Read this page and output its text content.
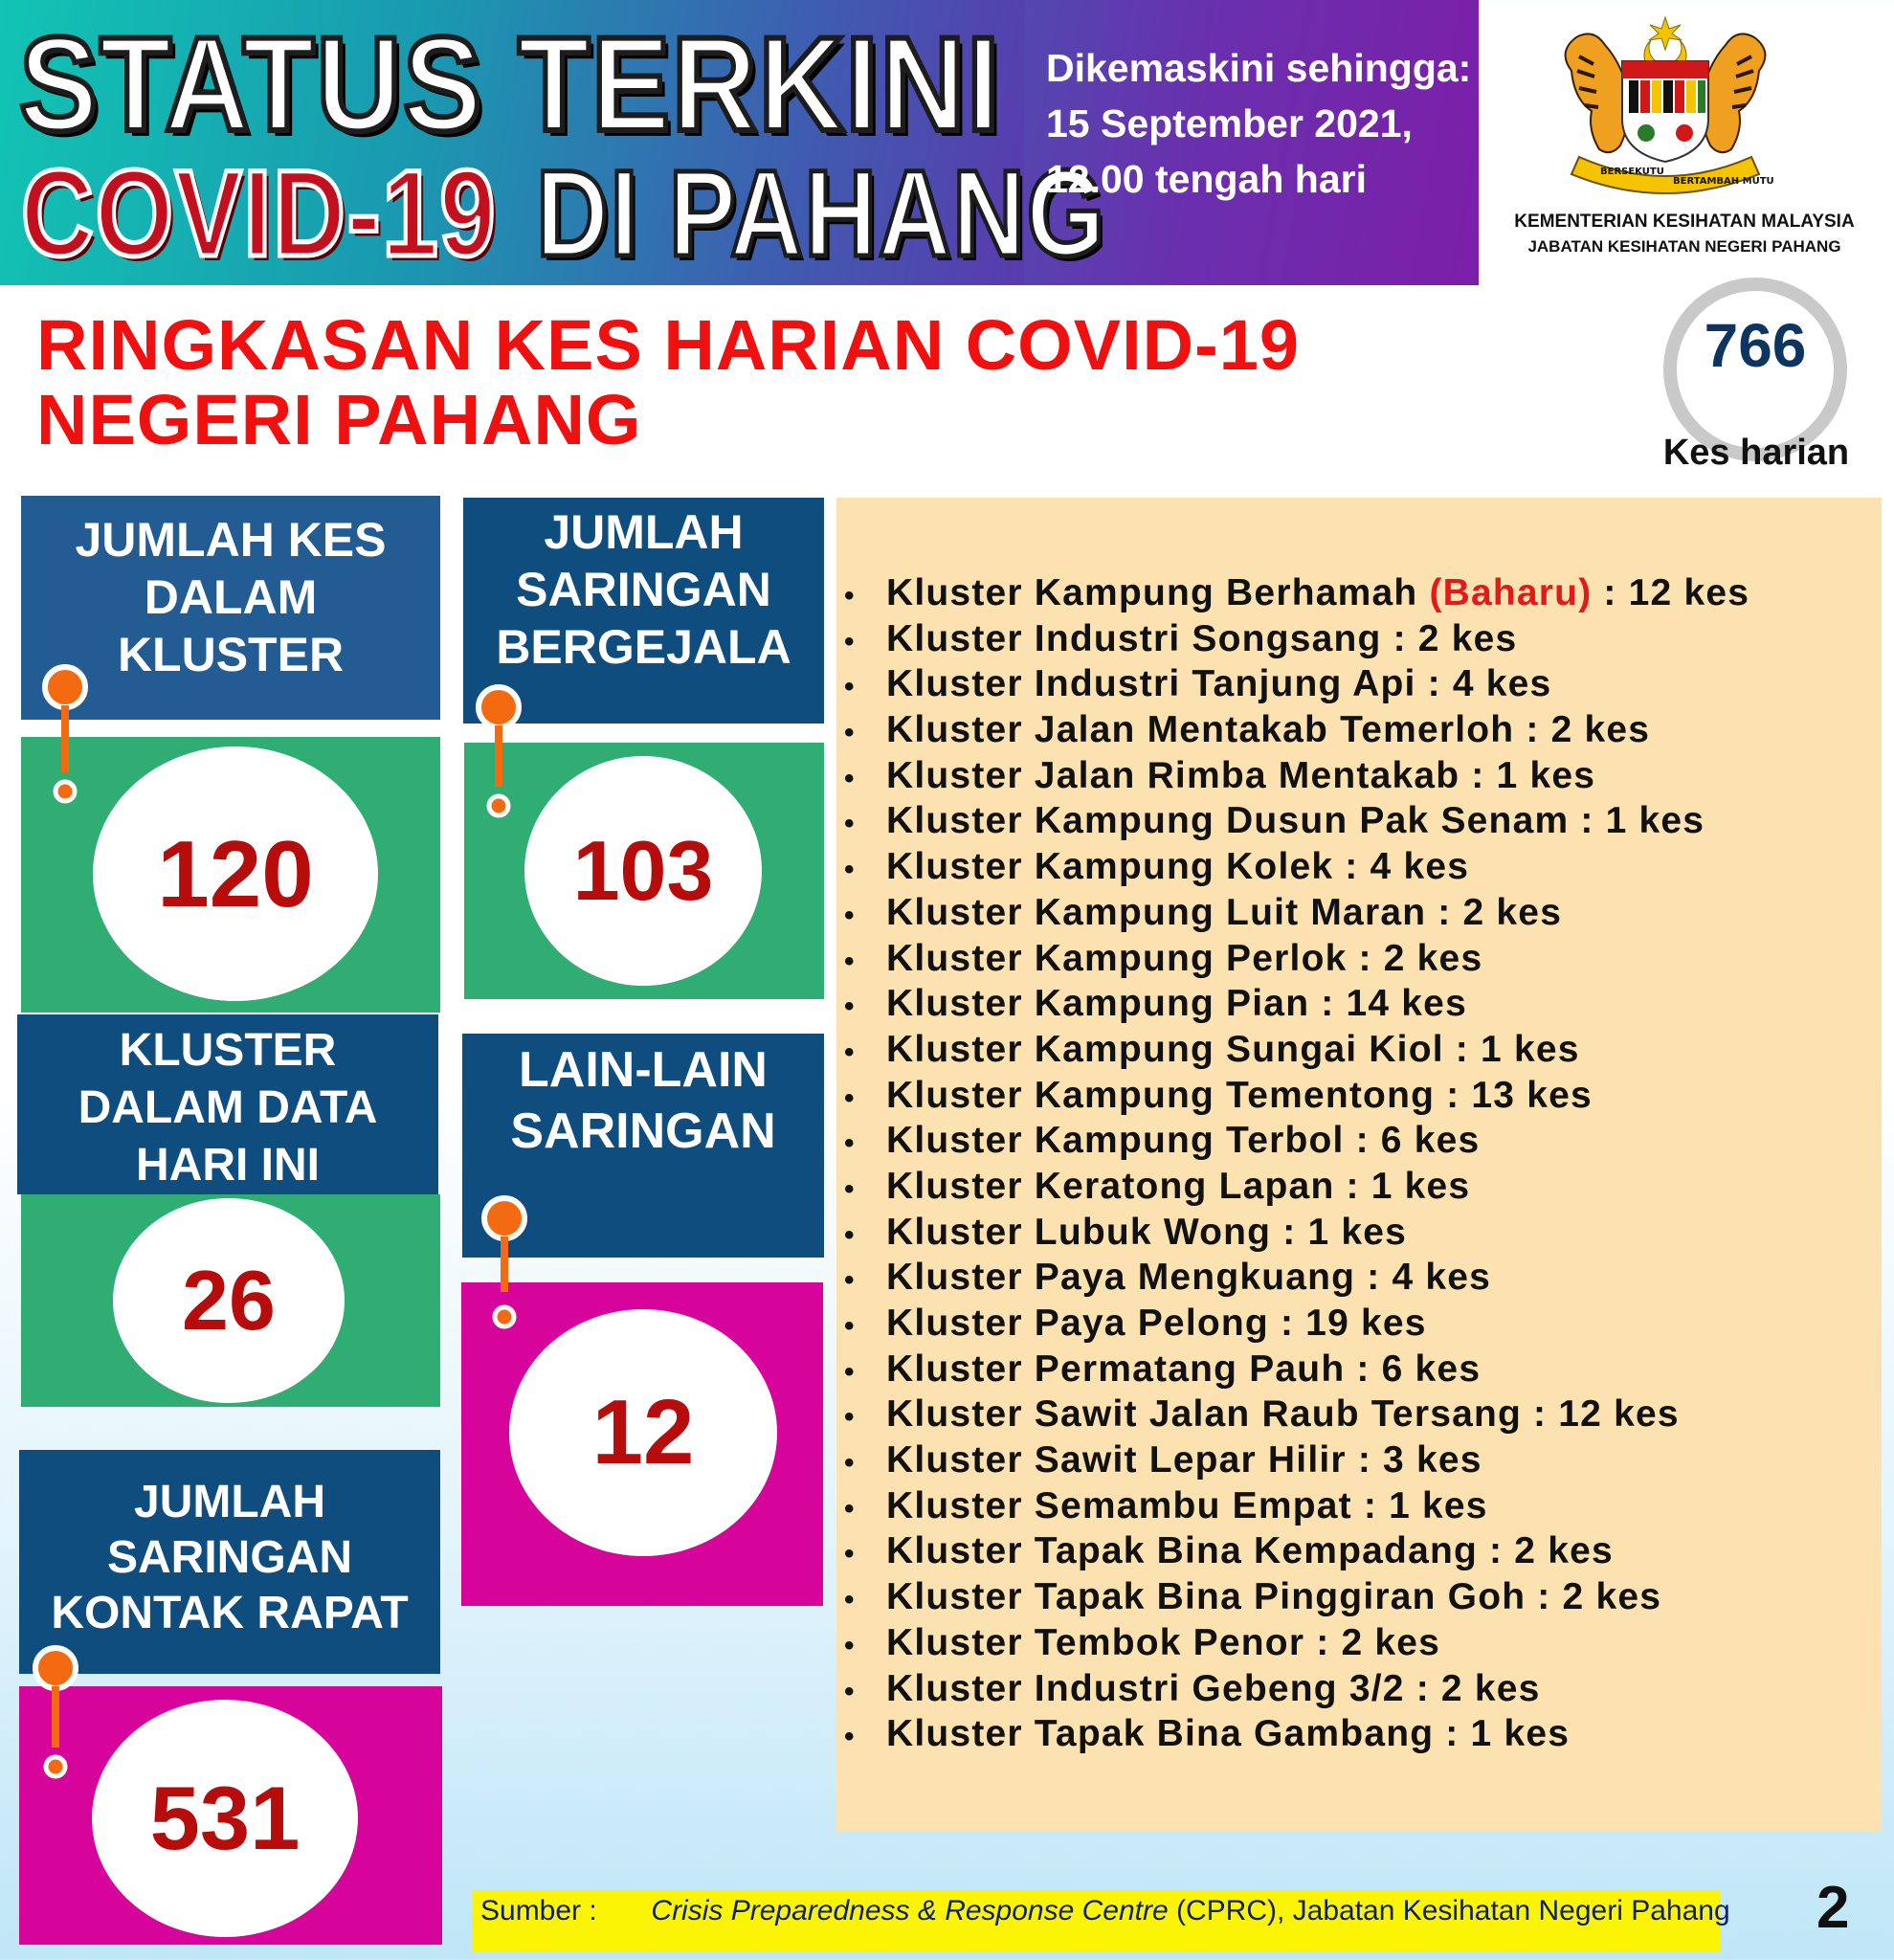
STATUS TERKINI
COVID-19 DI PAHANG
Dikemaskini sehingga:
15 September 2021,
12.00 tengah hari	BERSEKUTU
BERTAMBAH MUTU
KEMENTERIAN KESIHATAN MALAYSIA
JABATAN KESIHATAN NEGERI PAHANG
RINGKASAN KES HARIAN COVID-19
NEGERI PAHANG
766
Kes harian
JUMLAH KES
DALAM
KLUSTER
120
JUMLAH
SARINGAN
BERGEJALA
103
KLUSTER
DALAM DATA
HARI INI
26
LAIN-LAIN
SARINGAN
12
JUMLAH
SARINGAN
KONTAK RAPAT
531
• Kluster Kampung Berhamah (Baharu) : 12 kes
• Kluster Industri Songsang : 2 kes
• Kluster Industri Tanjung Api : 4 kes
• Kluster Jalan Mentakab Temerloh : 2 kes
• Kluster Jalan Rimba Mentakab : 1 kes
• Kluster Kampung Dusun Pak Senam : 1 kes
• Kluster Kampung Kolek : 4 kes
• Kluster Kampung Luit Maran : 2 kes
• Kluster Kampung Perlok : 2 kes
• Kluster Kampung Pian : 14 kes
• Kluster Kampung Sungai Kiol : 1 kes
• Kluster Kampung Tementong : 13 kes
• Kluster Kampung Terbol : 6 kes
• Kluster Keratong Lapan : 1 kes
• Kluster Lubuk Wong : 1 kes
• Kluster Paya Mengkuang : 4 kes
• Kluster Paya Pelong : 19 kes
• Kluster Permatang Pauh : 6 kes
• Kluster Sawit Jalan Raub Tersang : 12 kes
• Kluster Sawit Lepar Hilir : 3 kes
• Kluster Semambu Empat : 1 kes
• Kluster Tapak Bina Kempadang : 2 kes
• Kluster Tapak Bina Pinggiran Goh : 2 kes
• Kluster Tembok Penor : 2 kes
• Kluster Industri Gebeng 3/2 : 2 kes
• Kluster Tapak Bina Gambang : 1 kes
Sumber : Crisis Preparedness & Response Centre (CPRC), Jabatan Kesihatan Negeri Pahang 2
